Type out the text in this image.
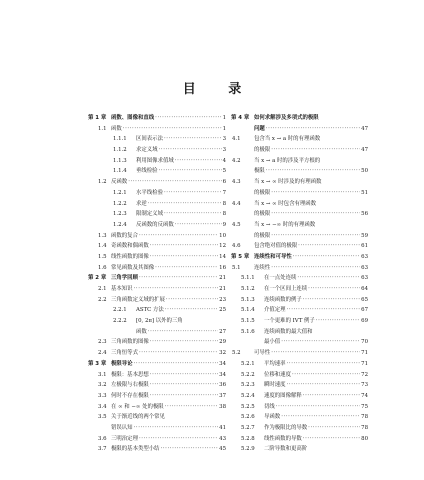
目 录
第 1 章 函数、图像和直线 ·····	1
1.1 函数 ·····	1
1.1.1 区间表示法 ·····	3
1.1.2 求定义域 ·····	3
1.1.3 利用图像求值域 ·····	4
1.1.4 垂线检验 ·····	5
1.2 反函数 ·····	6
1.2.1 水平线检验 ·····	7
1.2.2 求逆 ·····	8
1.2.3 限制定义域 ·····	8
1.2.4 反函数的反函数 ·····	9
1.3 函数的复合 ·····	10
1.4 奇函数和偶函数 ·····	12
1.5 线性函数的图像 ·····	14
1.6 常见函数及其图像 ·····	16
第 2 章 三角学回顾 ·····	21
2.1 基本知识 ·····	21
2.2 三角函数定义域的扩展 ·····	23
2.2.1 ASTC 方法 ·····	25
2.2.2 [0, 2π] 以外的三角
函数 ·····	27
2.3 三角函数的图像 ·····	29
2.4 三角恒等式 ·····	32
第 3 章 极限导论 ·····	34
3.1 极限：基本思想 ·····	34
3.2 左极限与右极限 ·····	36
3.3 何时不存在极限 ·····	37
3.4 在 ∞ 和 −∞ 处的极限 ·····	38
3.5 关于渐近线的两个常见
错误认知 ·····	41
3.6 三明治定理 ·····	43
3.7 极限的基本类型小结 ·····	45
第 4 章 如何求解涉及多项式的极限
问题 ·····	47
4.1 包含当 x → a 时的有理函数
的极限 ·····	47
4.2 当 x → a 时的涉及平方根的
极限 ·····	50
4.3 当 x → ∞ 时涉及的有理函数
的极限 ·····	51
4.4 当 x → ∞ 时包含有理函数
的极限 ·····	56
4.5 当 x → −∞ 时的有理函数
的极限 ·····	59
4.6 包含绝对值的极限 ·····	61
第 5 章 连续性和可导性 ·····	63
5.1 连续性 ·····	63
5.1.1 在一点处连续 ·····	63
5.1.2 在一个区间上连续 ·····	64
5.1.3 连续函数的例子 ·····	65
5.1.4 介值定理 ·····	67
5.1.5 一个更难的 IVT 例子 ·····	69
5.1.6 连续函数的最大值和
最小值 ·····	70
5.2 可导性 ·····	71
5.2.1 平均速率 ·····	71
5.2.2 位移和速度 ·····	72
5.2.3 瞬时速度 ·····	73
5.2.4 速度的图像解释 ·····	74
5.2.5 切线 ·····	75
5.2.6 导函数 ·····	78
5.2.7 作为极限比的导数 ·····	78
5.2.8 线性函数的导数 ·····	80
5.2.9 二阶导数和更高阶
